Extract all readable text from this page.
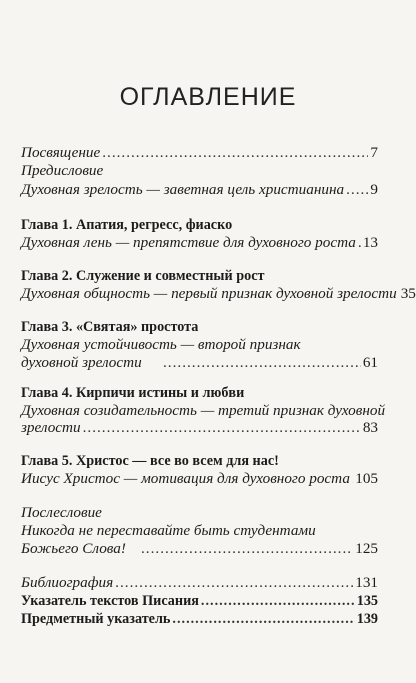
ОГЛАВЛЕНИЕ
Посвящение .....	7
Предисловие
Духовная зрелость — заветная цель христианина ..... 9
Глава 1. Апатия, регресс, фиаско
Духовная лень — препятствие для духовного роста ..... 13
Глава 2. Служение и совместный рост
Духовная общность — первый признак духовной зрелости 35
Глава 3. «Святая» простота
Духовная устойчивость — второй признак
духовной зрелости .....	61
Глава 4. Кирпичи истины и любви
Духовная созидательность — третий признак духовной
зрелости .....	83
Глава 5. Христос — все во всем для нас!
Иисус Христос — мотивация для духовного роста ..... 105
Послесловие
Никогда не переставайте быть студентами
Божьего Слова! .....	125
Библиография .....	131
Указатель текстов Писания .....	135
Предметный указатель .....	139
